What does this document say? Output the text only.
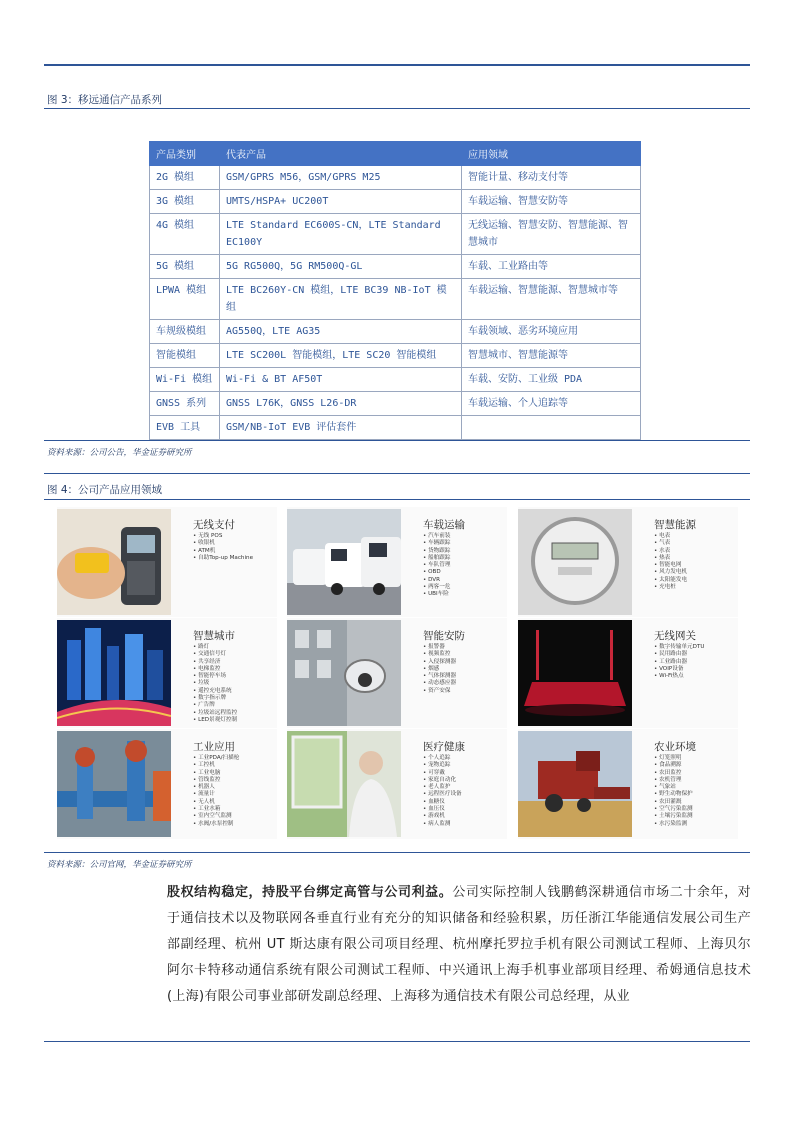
图 3：移远通信产品系列
产品类别	代表产品	应用领域
2G 模组	GSM/GPRS M56，GSM/GPRS M25	智能计量、移动支付等
3G 模组	UMTS/HSPA+ UC200T	车载运输、智慧安防等
4G 模组	LTE Standard EC600S-CN，LTE Standard EC100Y	无线运输、智慧安防、智慧能源、智慧城市
5G 模组	5G RG500Q，5G RM500Q-GL	车载、工业路由等
LPWA 模组	LTE BC260Y-CN 模组，LTE BC39 NB-IoT 模组	车载运输、智慧能源、智慧城市等
车规级模组	AG550Q，LTE AG35	车载领域、恶劣环境应用
智能模组	LTE SC200L 智能模组，LTE SC20 智能模组	智慧城市、智慧能源等
Wi-Fi 模组	Wi-Fi & BT AF50T	车载、安防、工业级 PDA
GNSS 系列	GNSS L76K，GNSS L26-DR	车载运输、个人追踪等
EVB 工具	GSM/NB-IoT EVB 评估套件	
资料来源：公司公告，华金证券研究所
图 4：公司产品应用领域
无线支付
• 无线 POS
• 收银机
• ATM机
• 自助Top-up Machine
车载运输
• 汽车前装
• 车辆跟踪
• 货物跟踪
• 船舶跟踪
• 车队管理
• OBD
• DVR
• 两客一危
• UBI车险
智慧能源
• 电表
• 气表
• 水表
• 热表
• 智能电网
• 风力发电机
• 太阳能发电
• 充电桩
智慧城市
• 路灯
• 交通信号灯
• 共享经济
• 电梯监控
• 智能停车场
• 垃圾
• 遥控充电系统
• 数字指示牌
• 广告牌
• 垃圾站远程监控
• LED景观灯控制
智能安防
• 报警器
• 视频监控
• 入侵探测器
• 烟感
• 气体探测器
• 动态感应器
• 资产安保
无线网关
• 数字传输单元DTU
• 民用路由器
• 工业路由器
• VOIP设备
• Wi-Fi热点
工业应用
• 工业PDA/扫描枪
• 工控机
• 工业电脑
• 管线监控
• 机器人
• 流量计
• 无人机
• 工业水箱
• 室内空气监测
• 水阀/水泵控制
医疗健康
• 个人追踪
• 宠物追踪
• 可穿戴
• 家庭自动化
• 老人监护
• 远程医疗设备
• 血糖仪
• 血压仪
• 游戏机
• 病人监测
农业环境
• 灯笼照明
• 食品溯源
• 农田监控
• 农机管理
• 气象站
• 野生动物保护
• 农田灌溉
• 空气污染监测
• 土壤污染监测
• 水污染监测
资料来源：公司官网，华金证券研究所
股权结构稳定，持股平台绑定高管与公司利益。公司实际控制人钱鹏鹤深耕通信市场二十余年，对于通信技术以及物联网各垂直行业有充分的知识储备和经验积累，历任浙江华能通信发展公司生产部副经理、杭州 UT 斯达康有限公司项目经理、杭州摩托罗拉手机有限公司测试工程师、上海贝尔阿尔卡特移动通信系统有限公司测试工程师、中兴通讯上海手机事业部项目经理、希姆通信息技术(上海)有限公司事业部研发副总经理、上海移为通信技术有限公司总经理，从业
